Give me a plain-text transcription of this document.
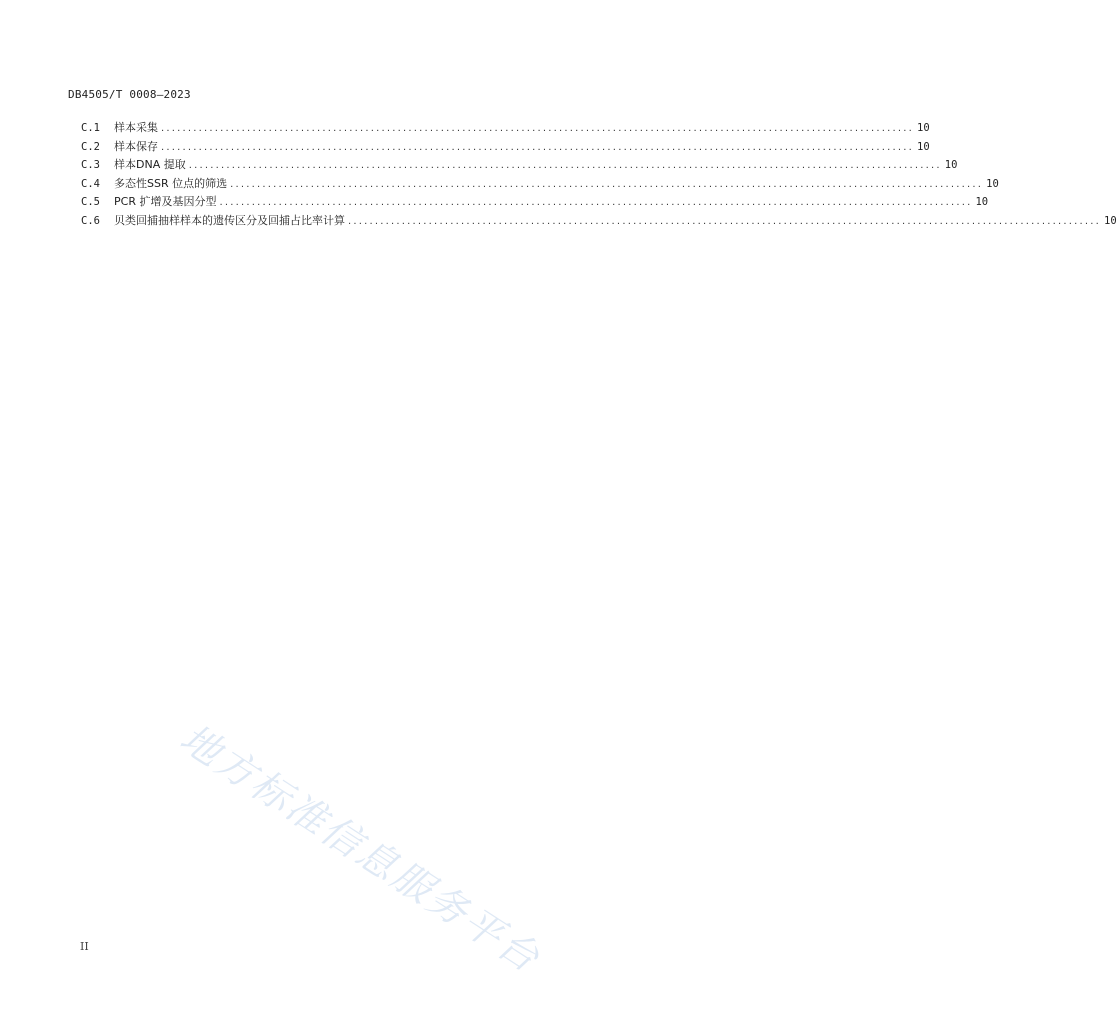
DB4505/T 0008—2023
C.1	样本采集 ............................................................................................................................................ 10
C.2	样本保存 ............................................................................................................................................ 10
C.3	样本DNA 提取 ............................................................................................................................................ 10
C.4	多态性SSR 位点的筛选 ............................................................................................................................................ 10
C.5	PCR 扩增及基因分型 ............................................................................................................................................ 10
C.6	贝类回捕抽样样本的遗传区分及回捕占比率计算 ............................................................................................................................................ 10
地方标准信息服务平台
II
